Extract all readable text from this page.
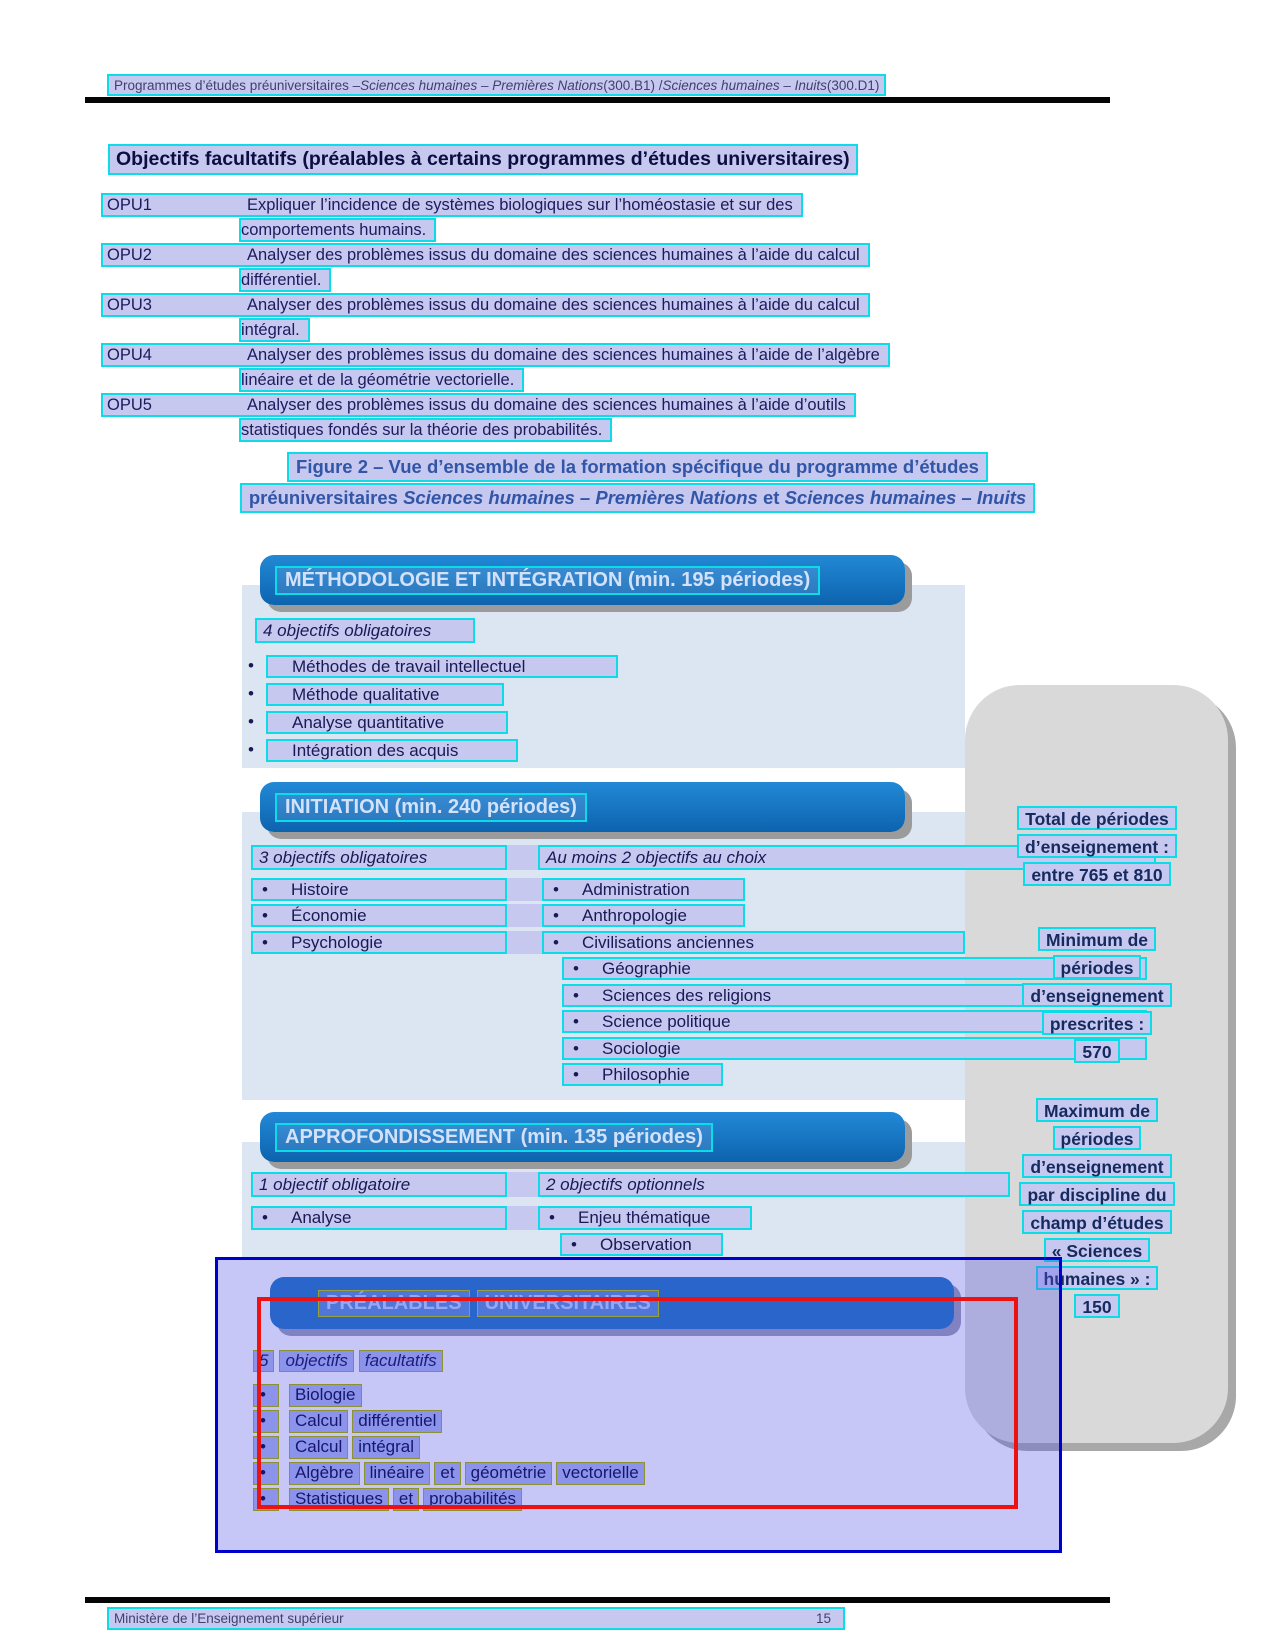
Programmes d’études préuniversitaires – Sciences humaines – Premières Nations (300.B1) / Sciences humaines – Inuits (300.D1)
Objectifs facultatifs (préalables à certains programmes d’études universitaires)
OPU1	Expliquer l’incidence de systèmes biologiques sur l’homéostasie et sur des
comportements humains.
OPU2	Analyser des problèmes issus du domaine des sciences humaines à l’aide du calcul
différentiel.
OPU3	Analyser des problèmes issus du domaine des sciences humaines à l’aide du calcul
intégral.
OPU4	Analyser des problèmes issus du domaine des sciences humaines à l’aide de l’algèbre
linéaire et de la géométrie vectorielle.
OPU5	Analyser des problèmes issus du domaine des sciences humaines à l’aide d’outils
statistiques fondés sur la théorie des probabilités.
Figure 2 – Vue d’ensemble de la formation spécifique du programme d’études
préuniversitaires Sciences humaines – Premières Nations et Sciences humaines – Inuits
MÉTHODOLOGIE ET INTÉGRATION (min. 195 périodes)
4 objectifs obligatoires
•	Méthodes de travail intellectuel
•	Méthode qualitative
•	Analyse quantitative
•	Intégration des acquis
INITIATION (min. 240 périodes)
3 objectifs obligatoires	Au moins 2 objectifs au choix
•	Histoire	•	Administration
•	Économie	•	Anthropologie
•	Psychologie	•	Civilisations anciennes
•	Géographie
•	Sciences des religions
•	Science politique
•	Sociologie
•	Philosophie
APPROFONDISSEMENT (min. 135 périodes)
1 objectif obligatoire	2 objectifs optionnels
•	Analyse	•	Enjeu thématique
•	Observation
Total de périodes
d’enseignement :
entre 765 et 810
Minimum de
périodes
d’enseignement
prescrites :
570
Maximum de
périodes
d’enseignement
par discipline du
champ d’études
« Sciences
humaines » :
150
PRÉALABLES	UNIVERSITAIRES
5	objectifs	facultatifs
•	Biologie
•	Calcul différentiel
•	Calcul intégral
•	Algèbre linéaire et géométrie vectorielle
•	Statistiques et probabilités
Ministère de l’Enseignement supérieur	15
